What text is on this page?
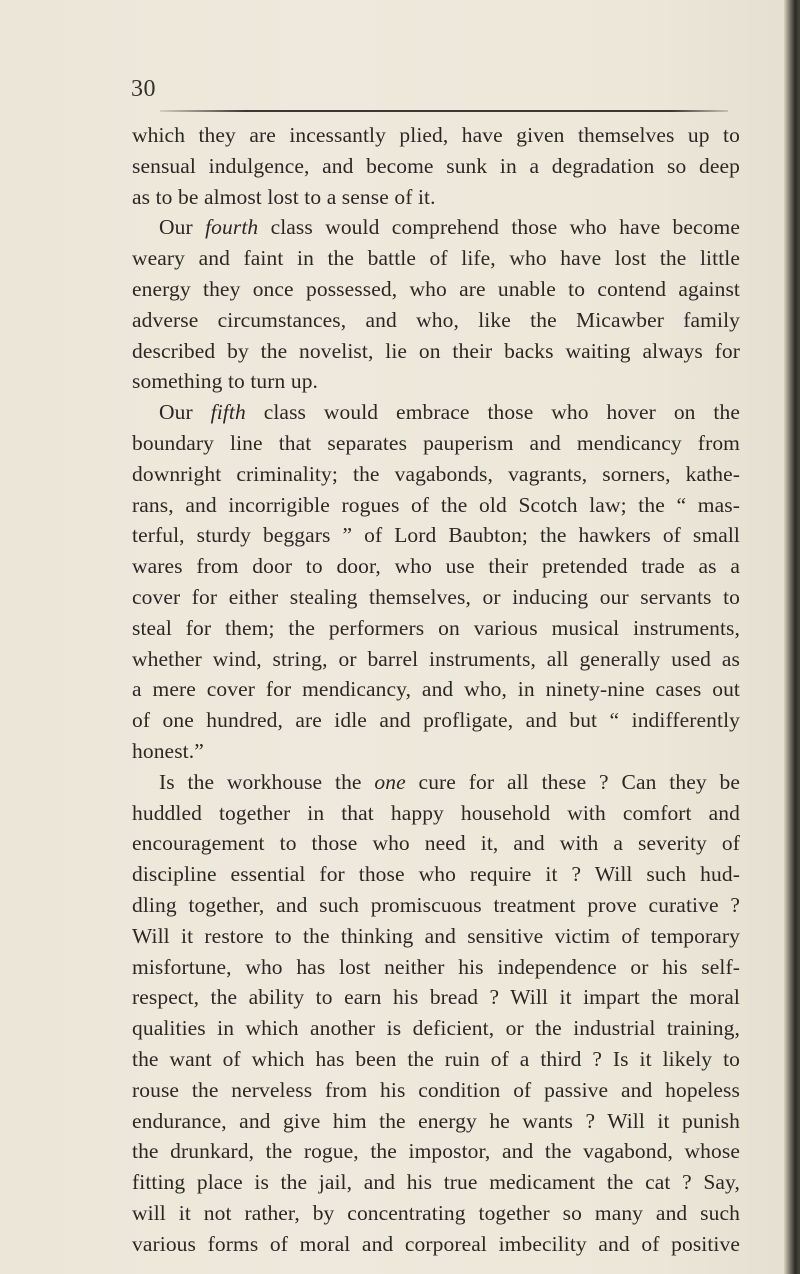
30

which they are incessantly plied, have given themselves up to

sensual indulgence, and become sunk in a degradation so deep

as to be almost lost to a sense of it.

Our fourth class would comprehend those who have become

weary and faint in the battle of life, who have lost the little

energy they once possessed, who are unable to contend against

adverse circumstances, and who, like the Micawber family

described by the novelist, lie on their backs waiting always for

something to turn up.

Our fifth class would embrace those who hover on the

boundary line that separates pauperism and mendicancy from

downright criminality; the vagabonds, vagrants, sorners, kathe-

rans, and incorrigible rogues of the old Scotch law; the “ mas-

terful, sturdy beggars ” of Lord Baubton; the hawkers of small

wares from door to door, who use their pretended trade as a

cover for either stealing themselves, or inducing our servants to

steal for them; the performers on various musical instruments,

whether wind, string, or barrel instruments, all generally used as

a mere cover for mendicancy, and who, in ninety-nine cases out

of one hundred, are idle and profligate, and but “ indifferently

honest.”

Is the workhouse the one cure for all these ? Can they be

huddled together in that happy household with comfort and

encouragement to those who need it, and with a severity of

discipline essential for those who require it ? Will such hud-

dling together, and such promiscuous treatment prove curative ?

Will it restore to the thinking and sensitive victim of temporary

misfortune, who has lost neither his independence or his self-

respect, the ability to earn his bread ? Will it impart the moral

qualities in which another is deficient, or the industrial training,

the want of which has been the ruin of a third ? Is it likely to

rouse the nerveless from his condition of passive and hopeless

endurance, and give him the energy he wants ? Will it punish

the drunkard, the rogue, the impostor, and the vagabond, whose

fitting place is the jail, and his true medicament the cat ? Say,

will it not rather, by concentrating together so many and such

various forms of moral and corporeal imbecility and of positive
